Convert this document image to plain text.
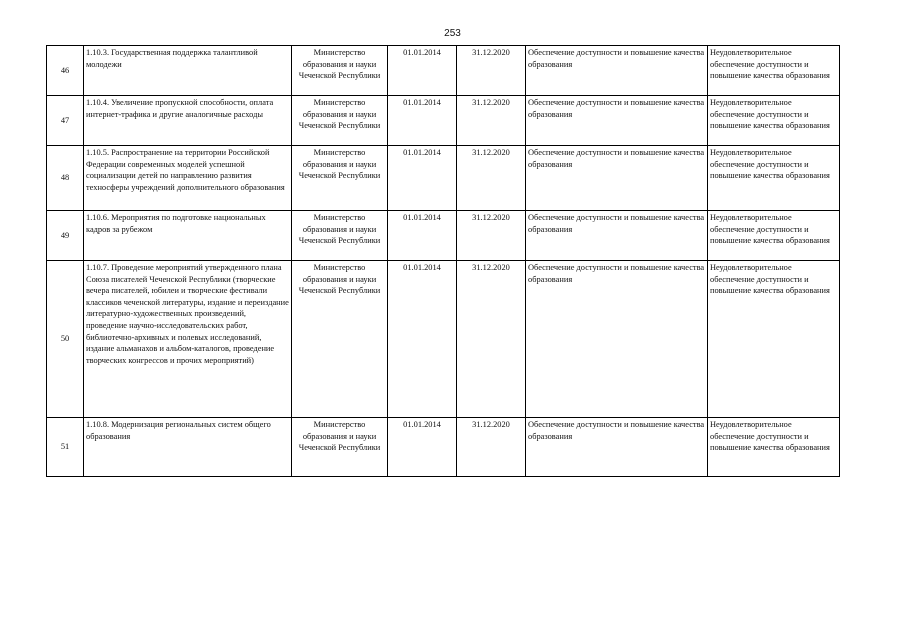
253
46	1.10.3. Государственная поддержка талантливой молодежи	Министерство образования и науки Чеченской Республики	01.01.2014	31.12.2020	Обеспечение доступности и повышение качества образования	Неудовлетворительное обеспечение доступности и повышение качества образования

47	1.10.4. Увеличение пропускной способности, оплата интернет-трафика и другие аналогичные расходы	Министерство образования и науки Чеченской Республики	01.01.2014	31.12.2020	Обеспечение доступности и повышение качества образования	Неудовлетворительное обеспечение доступности и повышение качества образования

48	1.10.5. Распространение на территории Российской Федерации современных моделей успешной социализации детей по направлению развития техносферы учреждений дополнительного образования	Министерство образования и науки Чеченской Республики	01.01.2014	31.12.2020	Обеспечение доступности и повышение качества образования	Неудовлетворительное обеспечение доступности и повышение качества образования

49	1.10.6. Мероприятия по подготовке национальных кадров за рубежом	Министерство образования и науки Чеченской Республики	01.01.2014	31.12.2020	Обеспечение доступности и повышение качества образования	Неудовлетворительное обеспечение доступности и повышение качества образования

50	1.10.7. Проведение мероприятий утвержденного плана Союза писателей Чеченской Республики (творческие вечера писателей, юбилеи и творческие фестивали классиков чеченской литературы, издание и переиздание литературно-художественных произведений, проведение научно-исследовательских работ, библиотечно-архивных и полевых исследований, издание альманахов и альбом-каталогов, проведение творческих конгрессов и прочих мероприятий)	Министерство образования и науки Чеченской Республики	01.01.2014	31.12.2020	Обеспечение доступности и повышение качества образования	Неудовлетворительное обеспечение доступности и повышение качества образования

51	1.10.8. Модернизация региональных систем общего образования	Министерство образования и науки Чеченской Республики	01.01.2014	31.12.2020	Обеспечение доступности и повышение качества образования	Неудовлетворительное обеспечение доступности и повышение качества образования
